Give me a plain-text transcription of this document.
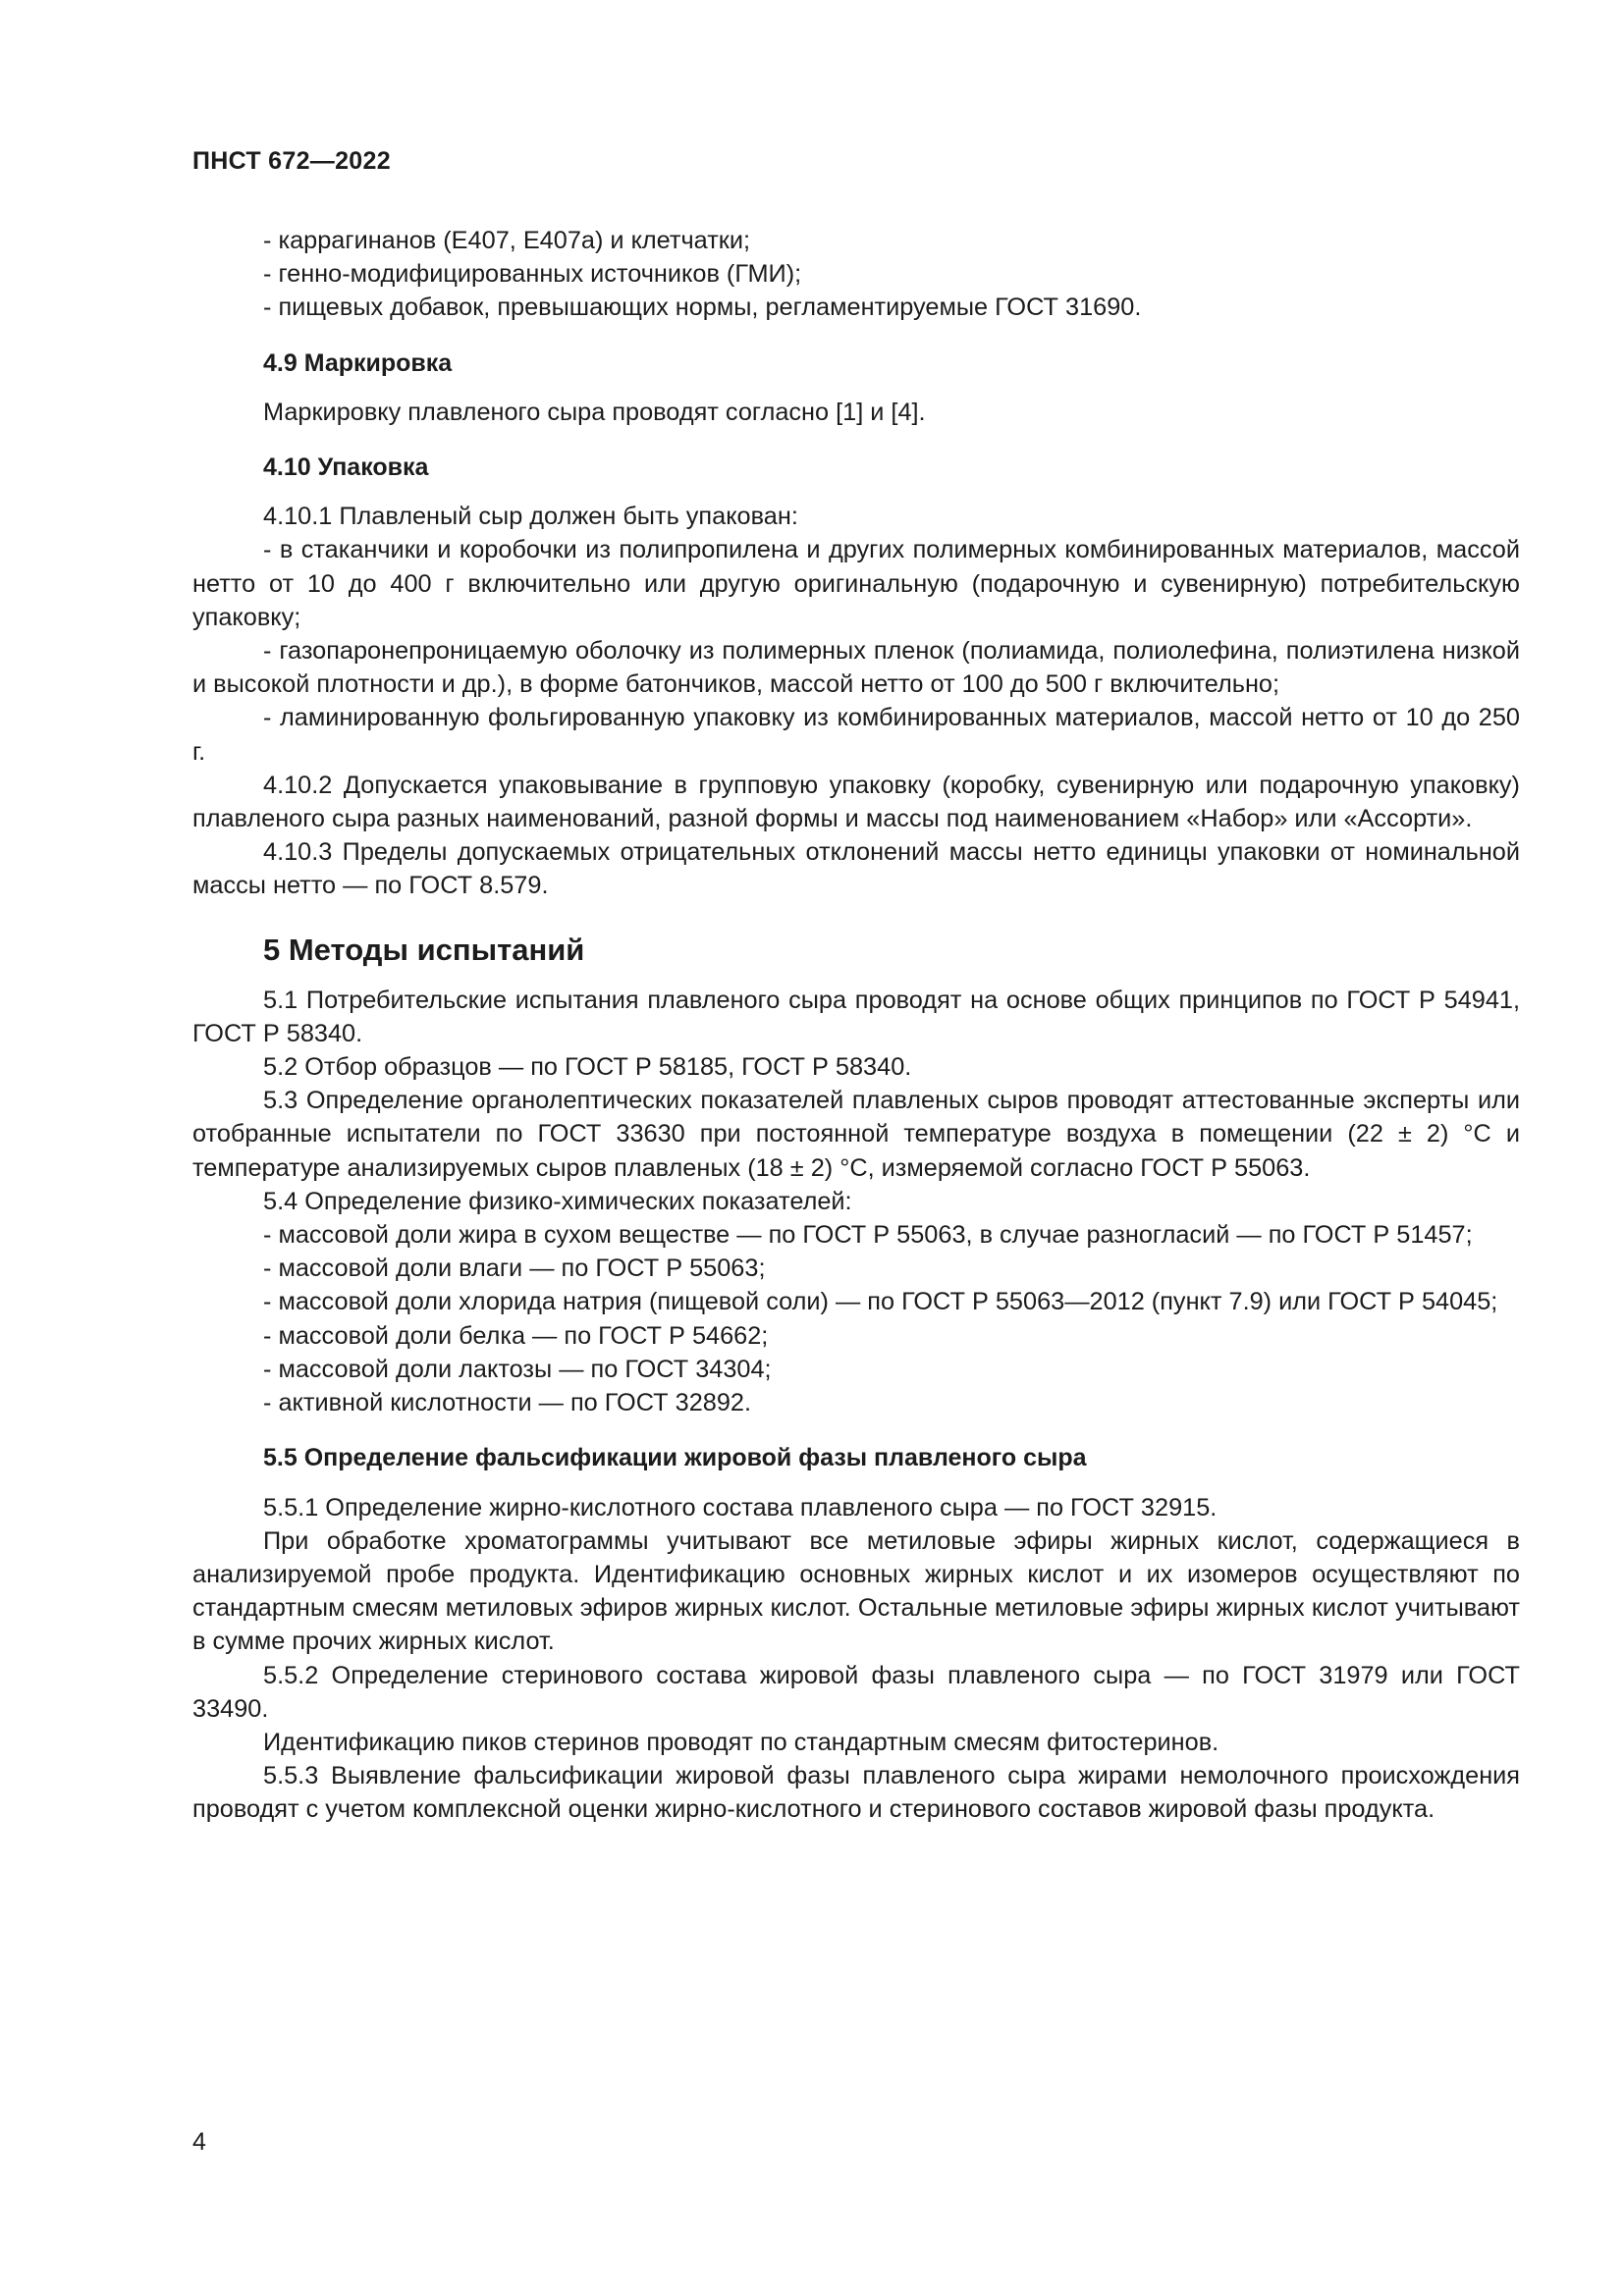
ПНСТ 672—2022

- каррагинанов (Е407, Е407а) и клетчатки;

- генно-модифицированных источников (ГМИ);

- пищевых добавок, превышающих нормы, регламентируемые ГОСТ 31690.

4.9 Маркировка

Маркировку плавленого сыра проводят согласно [1] и [4].

4.10 Упаковка

4.10.1 Плавленый сыр должен быть упакован:

- в стаканчики и коробочки из полипропилена и других полимерных комбинированных материалов, массой нетто от 10 до 400 г включительно или другую оригинальную (подарочную и сувенирную) потребительскую упаковку;

- газопаронепроницаемую оболочку из полимерных пленок (полиамида, полиолефина, полиэтилена низкой и высокой плотности и др.), в форме батончиков, массой нетто от 100 до 500 г включительно;

- ламинированную фольгированную упаковку из комбинированных материалов, массой нетто от 10 до 250 г.

4.10.2 Допускается упаковывание в групповую упаковку (коробку, сувенирную или подарочную упаковку) плавленого сыра разных наименований, разной формы и массы под наименованием «Набор» или «Ассорти».

4.10.3 Пределы допускаемых отрицательных отклонений массы нетто единицы упаковки от номинальной массы нетто — по ГОСТ 8.579.

5 Методы испытаний

5.1 Потребительские испытания плавленого сыра проводят на основе общих принципов по ГОСТ Р 54941, ГОСТ Р 58340.

5.2 Отбор образцов — по ГОСТ Р 58185, ГОСТ Р 58340.

5.3 Определение органолептических показателей плавленых сыров проводят аттестованные эксперты или отобранные испытатели по ГОСТ 33630 при постоянной температуре воздуха в помещении (22 ± 2) °С и температуре анализируемых сыров плавленых (18 ± 2) °С, измеряемой согласно ГОСТ Р 55063.

5.4 Определение физико-химических показателей:

- массовой доли жира в сухом веществе — по ГОСТ Р 55063, в случае разногласий — по ГОСТ Р 51457;

- массовой доли влаги — по ГОСТ Р 55063;

- массовой доли хлорида натрия (пищевой соли) — по ГОСТ Р 55063—2012 (пункт 7.9) или ГОСТ Р 54045;

- массовой доли белка — по ГОСТ Р 54662;

- массовой доли лактозы — по ГОСТ 34304;

- активной кислотности — по ГОСТ 32892.

5.5 Определение фальсификации жировой фазы плавленого сыра

5.5.1 Определение жирно-кислотного состава плавленого сыра — по ГОСТ 32915.

При обработке хроматограммы учитывают все метиловые эфиры жирных кислот, содержащиеся в анализируемой пробе продукта. Идентификацию основных жирных кислот и их изомеров осуществляют по стандартным смесям метиловых эфиров жирных кислот. Остальные метиловые эфиры жирных кислот учитывают в сумме прочих жирных кислот.

5.5.2 Определение стеринового состава жировой фазы плавленого сыра — по ГОСТ 31979 или ГОСТ 33490.

Идентификацию пиков стеринов проводят по стандартным смесям фитостеринов.

5.5.3 Выявление фальсификации жировой фазы плавленого сыра жирами немолочного происхождения проводят с учетом комплексной оценки жирно-кислотного и стеринового составов жировой фазы продукта.

4
